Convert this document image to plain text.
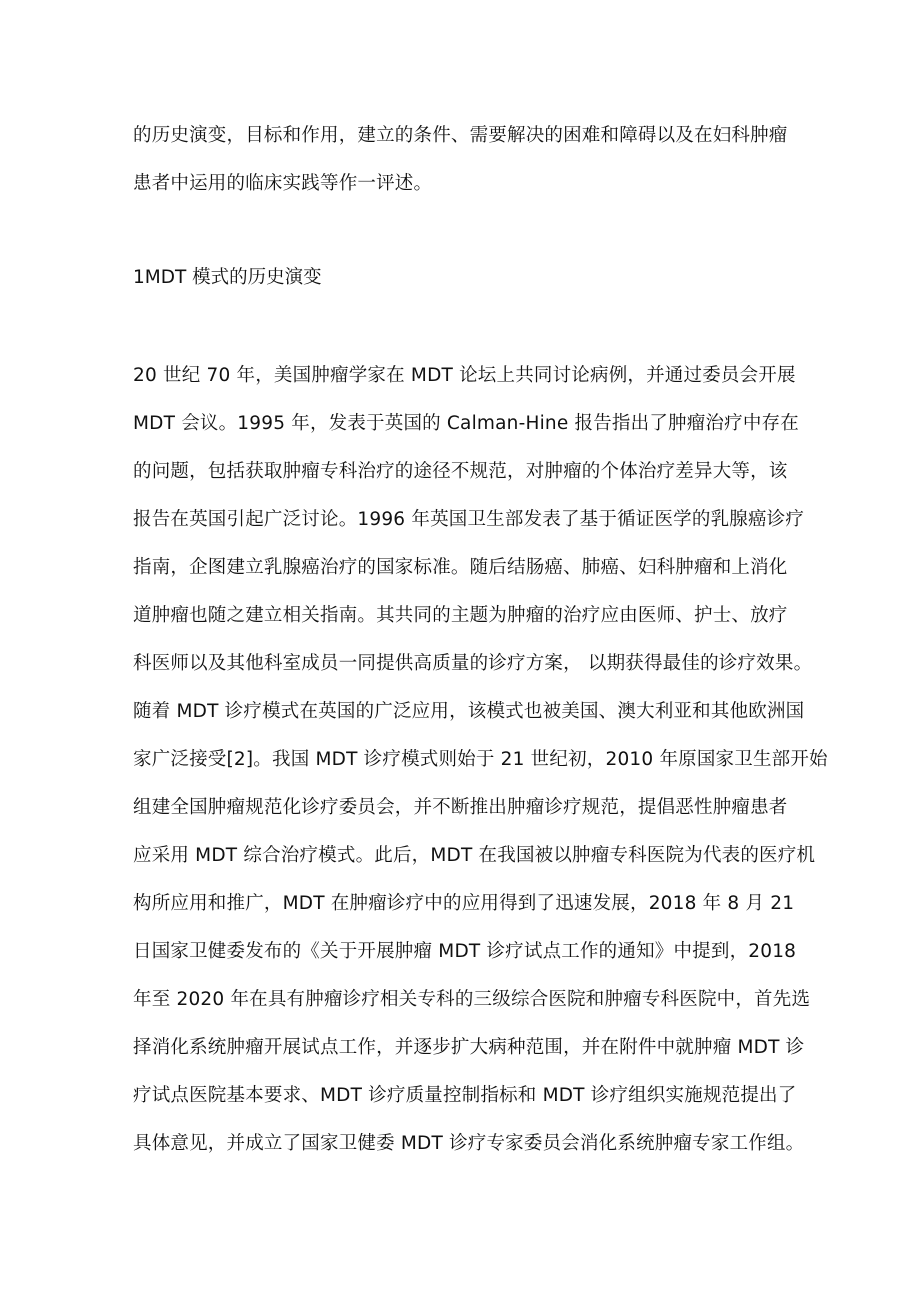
的历史演变，目标和作用，建立的条件、需要解决的困难和障碍以及在妇科肿瘤
患者中运用的临床实践等作一评述。
1MDT 模式的历史演变
20 世纪 70 年，美国肿瘤学家在 MDT 论坛上共同讨论病例，并通过委员会开展
MDT 会议。1995 年，发表于英国的 Calman-Hine 报告指出了肿瘤治疗中存在
的问题，包括获取肿瘤专科治疗的途径不规范，对肿瘤的个体治疗差异大等，该
报告在英国引起广泛讨论。1996 年英国卫生部发表了基于循证医学的乳腺癌诊疗
指南，企图建立乳腺癌治疗的国家标准。随后结肠癌、肺癌、妇科肿瘤和上消化
道肿瘤也随之建立相关指南。其共同的主题为肿瘤的治疗应由医师、护士、放疗
科医师以及其他科室成员一同提供高质量的诊疗方案， 以期获得最佳的诊疗效果。
随着 MDT 诊疗模式在英国的广泛应用，该模式也被美国、澳大利亚和其他欧洲国
家广泛接受[2]。我国 MDT 诊疗模式则始于 21 世纪初，2010 年原国家卫生部开始
组建全国肿瘤规范化诊疗委员会，并不断推出肿瘤诊疗规范，提倡恶性肿瘤患者
应采用 MDT 综合治疗模式。此后，MDT 在我国被以肿瘤专科医院为代表的医疗机
构所应用和推广，MDT 在肿瘤诊疗中的应用得到了迅速发展，2018 年 8 月 21
日国家卫健委发布的《关于开展肿瘤 MDT 诊疗试点工作的通知》中提到，2018
年至 2020 年在具有肿瘤诊疗相关专科的三级综合医院和肿瘤专科医院中，首先选
择消化系统肿瘤开展试点工作，并逐步扩大病种范围，并在附件中就肿瘤 MDT 诊
疗试点医院基本要求、MDT 诊疗质量控制指标和 MDT 诊疗组织实施规范提出了
具体意见，并成立了国家卫健委 MDT 诊疗专家委员会消化系统肿瘤专家工作组。
